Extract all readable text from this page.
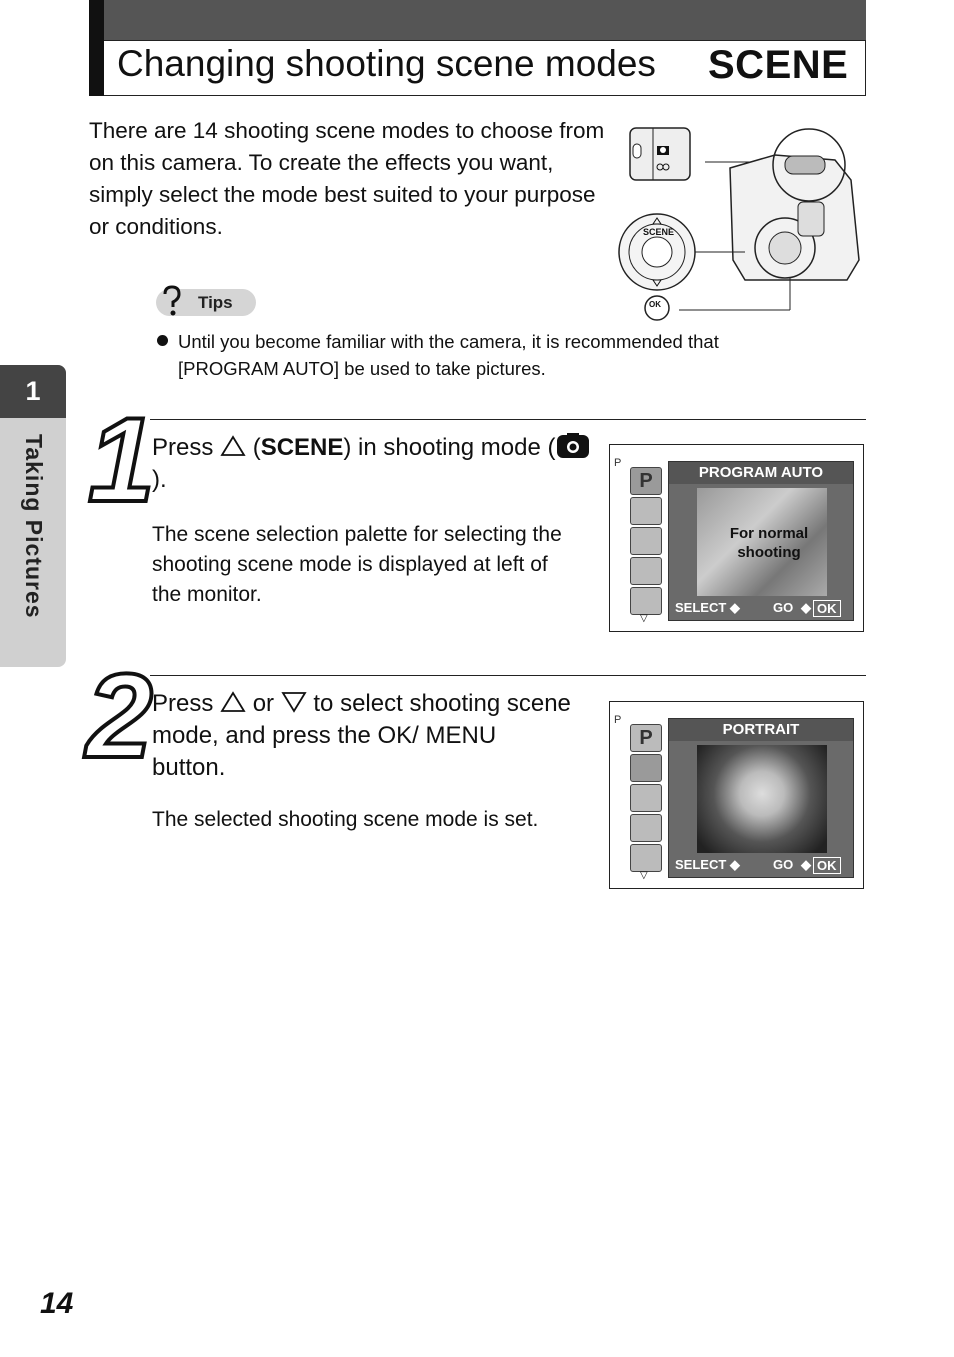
Changing shooting scene modes SCENE
There are 14 shooting scene modes to choose from on this camera. To create the effects you want, simply select the mode best suited to your purpose or conditions.	SCENE
OK
Tips
Until you become familiar with the camera, it is recommended that [PROGRAM AUTO] be used to take pictures.
1
Taking Pictures 1
Press  (SCENE) in shooting mode ().
The scene selection palette for selecting the shooting scene mode is displayed at left of the monitor.
P
P
▽
PROGRAM AUTO
For normal shooting
SELECT ◆	GO ◆ OK
2 Press or to select shooting scene mode, and press the OK/ MENU button.
The selected shooting scene mode is set.
P
P
▽
PORTRAIT
SELECT ◆	GO ◆ OK
14
